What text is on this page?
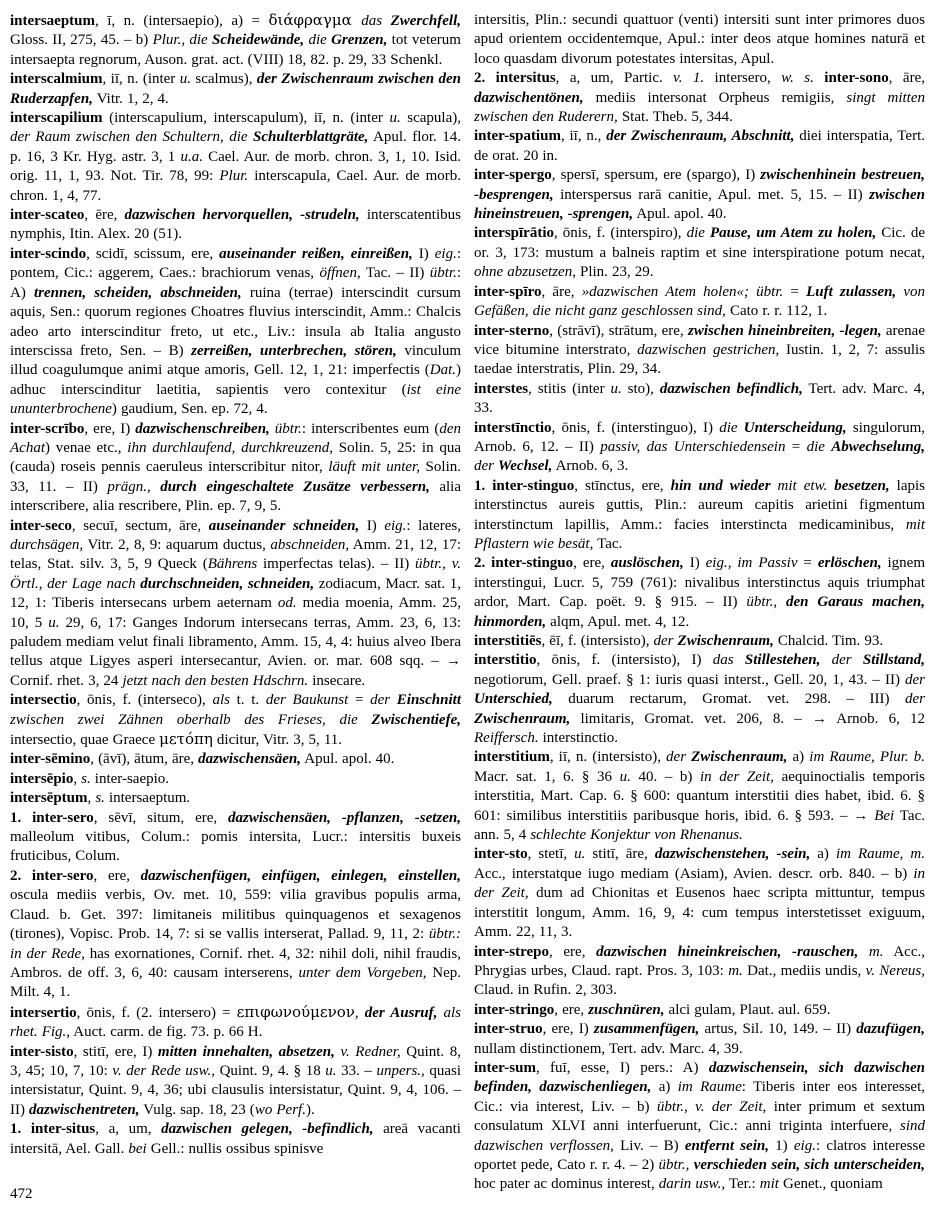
intersaeptum, ī, n. (intersaepio), a) = διάφραγμα das Zwerchfell, Gloss. II, 275, 45. – b) Plur., die Scheidewände, die Grenzen, tot veterum intersaepta regnorum, Auson. grat. act. (VIII) 18, 82. p. 29, 33 Schenkl.

interscalmium, iī, n. (inter u. scalmus), der Zwischenraum zwischen den Ruderzapfen, Vitr. 1, 2, 4.

interscapilium (interscapulium, interscapulum), iī, n. (inter u. scapula), der Raum zwischen den Schultern, die Schulterblattgräte, Apul. flor. 14. p. 16, 3 Kr. Hyg. astr. 3, 1 u.a. Cael. Aur. de morb. chron. 3, 1, 10. Isid. orig. 11, 1, 93. Not. Tir. 78, 99: Plur. interscapula, Cael. Aur. de morb. chron. 1, 4, 77.

inter-scateo, ēre, dazwischen hervorquellen, -strudeln, interscatentibus nymphis, Itin. Alex. 20 (51).

inter-scindo, scidī, scissum, ere, auseinander reißen, einreißen, I) eig.: pontem, Cic.: aggerem, Caes.: brachiorum venas, öffnen, Tac. – II) übtr.: A) trennen, scheiden, abschneiden, ruina (terrae) interscindit cursum aquis, Sen.: quorum regiones Choatres fluvius interscindit, Amm.: Chalcis adeo arto interscinditur freto, ut etc., Liv.: insula ab Italia angusto interscissa freto, Sen. – B) zerreißen, unterbrechen, stören, vinculum illud coagulumque animi atque amoris, Gell. 12, 1, 21: imperfectis (Dat.) adhuc interscinditur laetitia, sapientis vero contexitur (ist eine ununterbrochene) gaudium, Sen. ep. 72, 4.

inter-scrībo, ere, I) dazwischenschreiben, übtr.: interscribentes eum (den Achat) venae etc., ihn durchlaufend, durchkreuzend, Solin. 5, 25: in qua (cauda) roseis pennis caeruleus interscribitur nitor, läuft mit unter, Solin. 33, 11. – II) prägn., durch eingeschaltete Zusätze verbessern, alia interscribere, alia rescribere, Plin. ep. 7, 9, 5.

inter-seco, secuī, sectum, āre, auseinander schneiden, I) eig.: lateres, durchsägen, Vitr. 2, 8, 9: aquarum ductus, abschneiden, Amm. 21, 12, 17: telas, Stat. silv. 3, 5, 9 Queck (Bährens imperfectas telas). – II) übtr., v. Örtl., der Lage nach durchschneiden, schneiden, zodiacum, Macr. sat. 1, 12, 1: Tiberis intersecans urbem aeternam od. media moenia, Amm. 25, 10, 5 u. 29, 6, 17: Ganges Indorum intersecans terras, Amm. 23, 6, 13: paludem mediam velut finali libramento, Amm. 15, 4, 4: huius alveo Ibera tellus atque Ligyes asperi intersecantur, Avien. or. mar. 608 sqq. – → Cornif. rhet. 3, 24 jetzt nach den besten Hdschrn. insecare.

intersectio, ōnis, f. (interseco), als t. t. der Baukunst = der Einschnitt zwischen zwei Zähnen oberhalb des Frieses, die Zwischentiefe, intersectio, quae Graece μετόπη dicitur, Vitr. 3, 5, 11.

inter-sēmino, (āvī), ātum, āre, dazwischensäen, Apul. apol. 40.

intersēpio, s. inter-saepio.

intersēptum, s. intersaeptum.

1. inter-sero, sēvī, situm, ere, dazwischensäen, -pflanzen, -setzen, malleolum vitibus, Colum.: pomis intersita, Lucr.: intersitis buxeis fruticibus, Colum.

2. inter-sero, ere, dazwischenfügen, einfügen, einlegen, einstellen, oscula mediis verbis, Ov. met. 10, 559: vilia gravibus populis arma, Claud. b. Get. 397: limitaneis militibus quinquagenos et sexagenos (tirones), Vopisc. Prob. 14, 7: si se vallis interserat, Pallad. 9, 11, 2: übtr.: in der Rede, has exornationes, Cornif. rhet. 4, 32: nihil doli, nihil fraudis, Ambros. de off. 3, 6, 40: causam interserens, unter dem Vorgeben, Nep. Milt. 4, 1.

intersertio, ōnis, f. (2. intersero) = επιφωνούμενον, der Ausruf, als rhet. Fig., Auct. carm. de fig. 73. p. 66 H.

inter-sisto, stitī, ere, I) mitten innehalten, absetzen, v. Redner, Quint. 8, 3, 45; 10, 7, 10: v. der Rede usw., Quint. 9, 4. § 18 u. 33. – unpers., quasi intersistatur, Quint. 9, 4, 36; ubi clausulis intersistatur, Quint. 9, 4, 106. – II) dazwischentreten, Vulg. sap. 18, 23 (wo Perf.).

1. inter-situs, a, um, dazwischen gelegen, -befindlich, areā vacanti intersitā, Ael. Gall. bei Gell.: nullis ossibus spinisve

intersitis, Plin.: secundi quattuor (venti) intersiti sunt inter primores duos apud orientem occidentemque, Apul.: inter deos atque homines naturā et loco quasdam divorum potestates intersitas, Apul.

2. intersitus, a, um, Partic. v. 1. intersero, w. s. inter-sono, āre, dazwischentönen, mediis intersonat Orpheus remigiis, singt mitten zwischen den Ruderern, Stat. Theb. 5, 344.

inter-spatium, iī, n., der Zwischenraum, Abschnitt, diei interspatia, Tert. de orat. 20 in.

inter-spergo, spersī, spersum, ere (spargo), I) zwischenhinein bestreuen, -besprengen, interspersus rarā canitie, Apul. met. 5, 15. – II) zwischen hineinstreuen, -sprengen, Apul. apol. 40.

interspīrātio, ōnis, f. (interspiro), die Pause, um Atem zu holen, Cic. de or. 3, 173: mustum a balneis raptim et sine interspiratione potum necat, ohne abzusetzen, Plin. 23, 29.

inter-spīro, āre, »dazwischen Atem holen«; übtr. = Luft zulassen, von Gefäßen, die nicht ganz geschlossen sind, Cato r. r. 112, 1.

inter-sterno, (strāvī), strātum, ere, zwischen hineinbreiten, -legen, arenae vice bitumine interstrato, dazwischen gestrichen, Iustin. 1, 2, 7: assulis taedae interstratis, Plin. 29, 34.

interstes, stitis (inter u. sto), dazwischen befindlich, Tert. adv. Marc. 4, 33.

interstīnctio, ōnis, f. (interstinguo), I) die Unterscheidung, singulorum, Arnob. 6, 12. – II) passiv, das Unterschiedensein = die Abwechselung, der Wechsel, Arnob. 6, 3.

1. inter-stinguo, stīnctus, ere, hin und wieder mit etw. besetzen, lapis interstinctus aureis guttis, Plin.: aureum capitis arietini figmentum interstinctum lapillis, Amm.: facies interstincta medicaminibus, mit Pflastern wie besät, Tac.

2. inter-stinguo, ere, auslöschen, I) eig., im Passiv = erlöschen, ignem interstingui, Lucr. 5, 759 (761): nivalibus interstinctus aquis triumphat ardor, Mart. Cap. poët. 9. § 915. – II) übtr., den Garaus machen, hinmorden, alqm, Apul. met. 4, 12.

interstitiēs, ēī, f. (intersisto), der Zwischenraum, Chalcid. Tim. 93.

interstitio, ōnis, f. (intersisto), I) das Stillestehen, der Stillstand, negotiorum, Gell. praef. § 1: iuris quasi interst., Gell. 20, 1, 43. – II) der Unterschied, duarum rectarum, Gromat. vet. 298. – III) der Zwischenraum, limitaris, Gromat. vet. 206, 8. – → Arnob. 6, 12 Reiffersch. interstinctio.

interstitium, iī, n. (intersisto), der Zwischenraum, a) im Raume, Plur. b. Macr. sat. 1, 6. § 36 u. 40. – b) in der Zeit, aequinoctialis temporis interstitia, Mart. Cap. 6. § 600: quantum interstitii dies habet, ibid. 6. § 601: similibus interstitiis paribusque horis, ibid. 6. § 593. – → Bei Tac. ann. 5, 4 schlechte Konjektur von Rhenanus.

inter-sto, stetī, u. stitī, āre, dazwischenstehen, -sein, a) im Raume, m. Acc., interstatque iugo mediam (Asiam), Avien. descr. orb. 840. – b) in der Zeit, dum ad Chionitas et Eusenos haec scripta mittuntur, tempus interstitit longum, Amm. 16, 9, 4: cum tempus interstetisset exiguum, Amm. 22, 11, 3.

inter-strepo, ere, dazwischen hineinkreischen, -rauschen, m. Acc., Phrygias urbes, Claud. rapt. Pros. 3, 103: m. Dat., mediis undis, v. Nereus, Claud. in Rufin. 2, 303.

inter-stringo, ere, zuschnüren, alci gulam, Plaut. aul. 659.

inter-struo, ere, I) zusammenfügen, artus, Sil. 10, 149. – II) dazufügen, nullam distinctionem, Tert. adv. Marc. 4, 39.

inter-sum, fuī, esse, I) pers.: A) dazwischensein, sich dazwischen befinden, dazwischenliegen, a) im Raume: Tiberis inter eos interesset, Cic.: via interest, Liv. – b) übtr., v. der Zeit, inter primum et sextum consulatum XLVI anni interfuerunt, Cic.: anni triginta interfuere, sind dazwischen verflossen, Liv. – B) entfernt sein, 1) eig.: clatros interesse oportet pede, Cato r. r. 4. – 2) übtr., verschieden sein, sich unterscheiden, hoc pater ac dominus interest, darin usw., Ter.: mit Genet., quoniam

472
